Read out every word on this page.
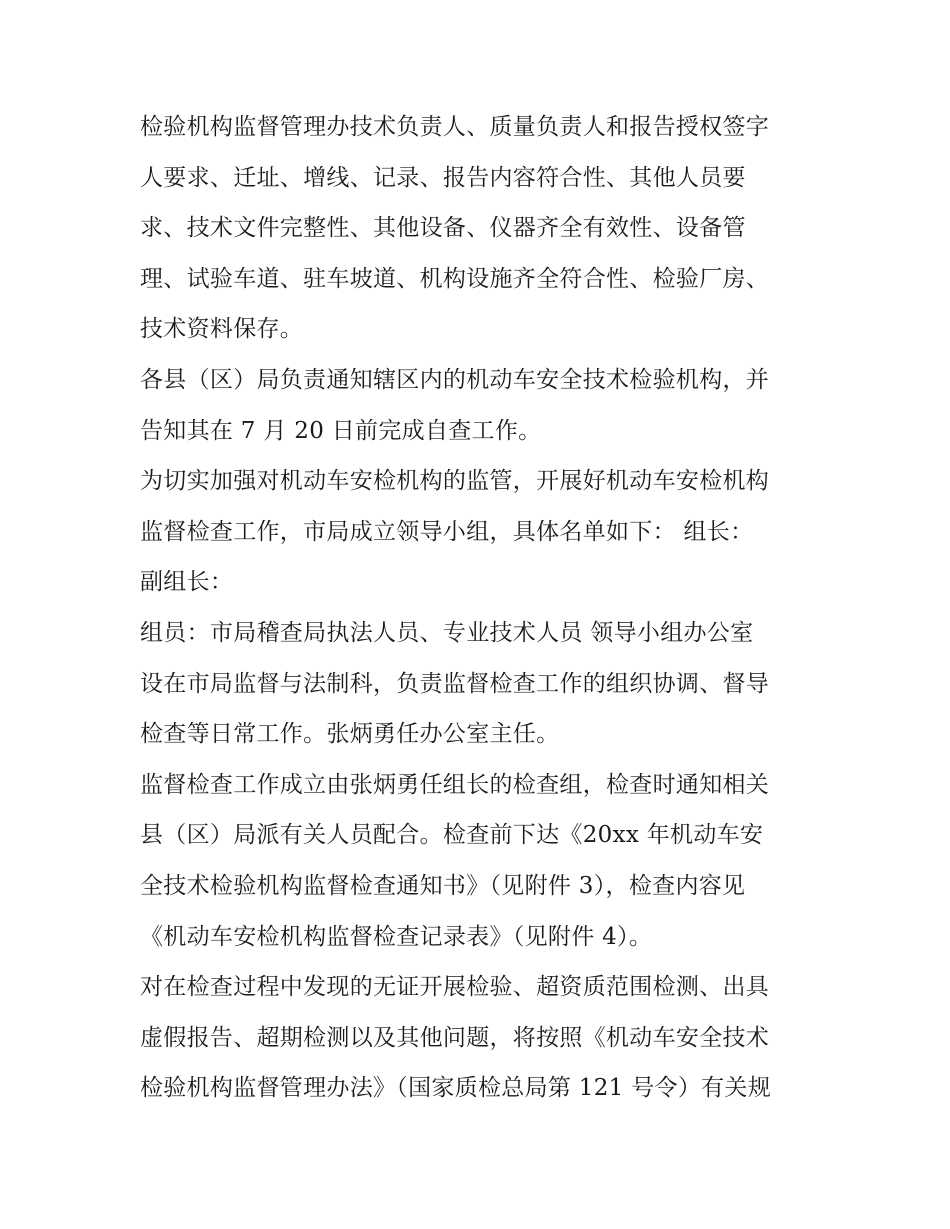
检验机构监督管理办技术负责人、质量负责人和报告授权签字
人要求、迁址、增线、记录、报告内容符合性、其他人员要
求、技术文件完整性、其他设备、仪器齐全有效性、设备管
理、试验车道、驻车坡道、机构设施齐全符合性、检验厂房、
技术资料保存。
各县（区）局负责通知辖区内的机动车安全技术检验机构，并
告知其在 7 月 20 日前完成自查工作。
为切实加强对机动车安检机构的监管，开展好机动车安检机构
监督检查工作，市局成立领导小组，具体名单如下： 组长：
副组长：
组员：市局稽查局执法人员、专业技术人员 领导小组办公室
设在市局监督与法制科，负责监督检查工作的组织协调、督导
检查等日常工作。张炳勇任办公室主任。
监督检查工作成立由张炳勇任组长的检查组，检查时通知相关
县（区）局派有关人员配合。检查前下达《20xx 年机动车安
全技术检验机构监督检查通知书》（见附件 3），检查内容见
《机动车安检机构监督检查记录表》（见附件 4）。
对在检查过程中发现的无证开展检验、超资质范围检测、出具
虚假报告、超期检测以及其他问题，将按照《机动车安全技术
检验机构监督管理办法》（国家质检总局第 121 号令）有关规
